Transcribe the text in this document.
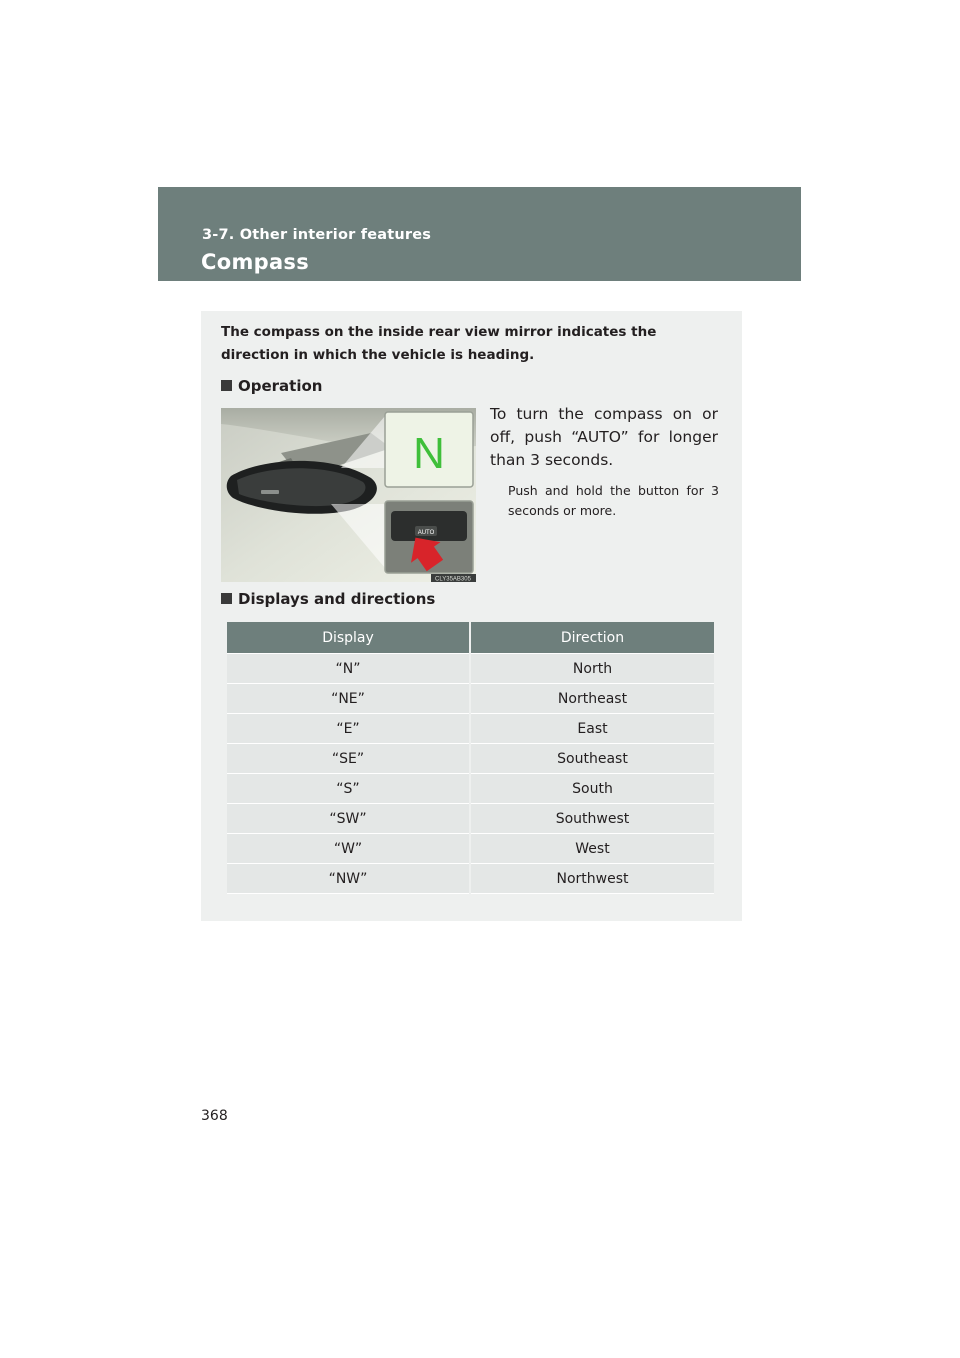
3-7. Other interior features
Compass
The compass on the inside rear view mirror indicates the direction in which the vehicle is heading.
Operation
N
AUTO
CLY35AB305
To turn the compass on or off, push “AUTO” for longer than 3 seconds.
Push and hold the button for 3 seconds or more.
Displays and directions
Display	Direction
“N”	North
“NE”	Northeast
“E”	East
“SE”	Southeast
“S”	South
“SW”	Southwest
“W”	West
“NW”	Northwest
368
